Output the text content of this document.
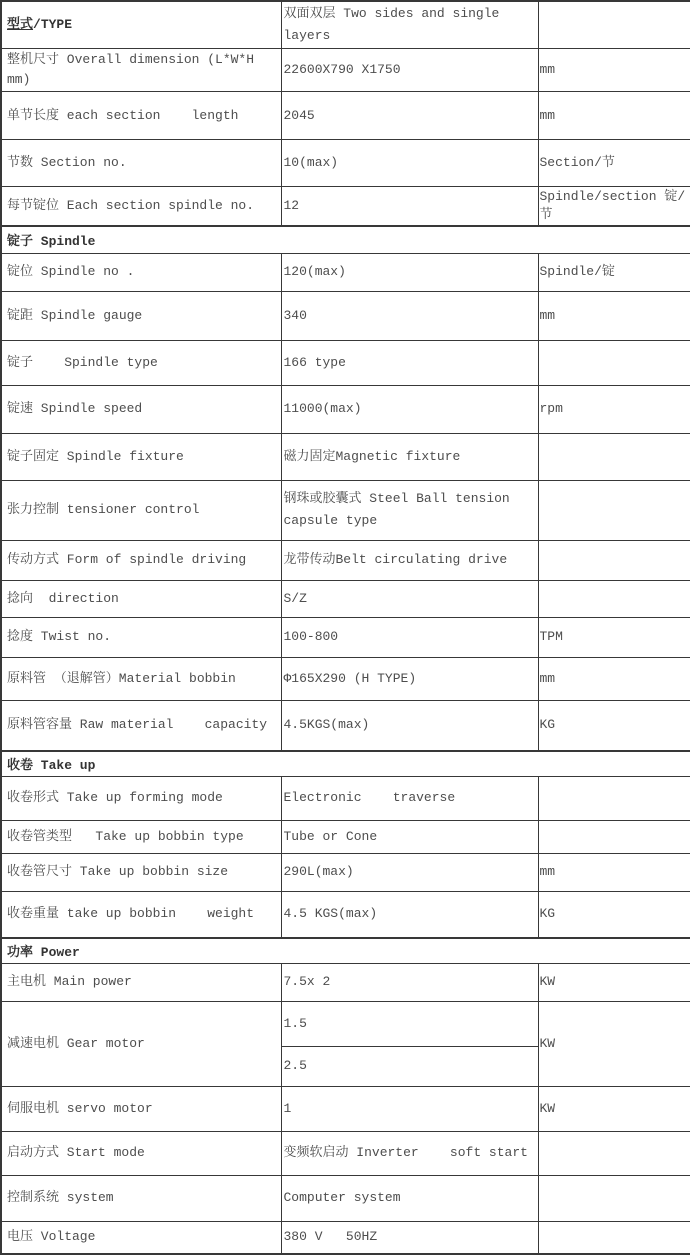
型式/TYPE	双面双层 Two sides and single layers	
整机尺寸 Overall dimension (L*W*H mm)	22600X790 X1750	mm
单节长度 each section    length	2045	mm
节数 Section no.	10(max)	Section/节
每节锭位 Each section spindle no.	12	Spindle/section 锭/节
锭子 Spindle		
锭位 Spindle no .	120(max)	Spindle/锭
锭距 Spindle gauge	340	mm
锭子    Spindle type	166 type	
锭速 Spindle speed	11000(max)	rpm
锭子固定 Spindle fixture	磁力固定Magnetic fixture	
张力控制 tensioner control	钢珠或胶囊式 Steel Ball tension capsule type	
传动方式 Form of spindle driving	龙带传动Belt circulating drive	
捻向  direction	S/Z	
捻度 Twist no.	100-800	TPM
原料管 （退解管）Material bobbin	Φ165X290 (H TYPE)	mm
原料管容量 Raw material    capacity	4.5KGS(max)	KG
收卷 Take up		
收卷形式 Take up forming mode	Electronic    traverse	
收卷管类型   Take up bobbin type	Tube or Cone	
收卷管尺寸 Take up bobbin size	290L(max)	mm
收卷重量 take up bobbin    weight	4.5 KGS(max)	KG
功率 Power		
主电机 Main power	7.5x 2	KW
减速电机 Gear motor	1.5	KW
	2.5	
伺服电机 servo motor	1	KW
启动方式 Start mode	变频软启动 Inverter    soft start	
控制系统 system	Computer system	
电压 Voltage	380 V   50HZ	
